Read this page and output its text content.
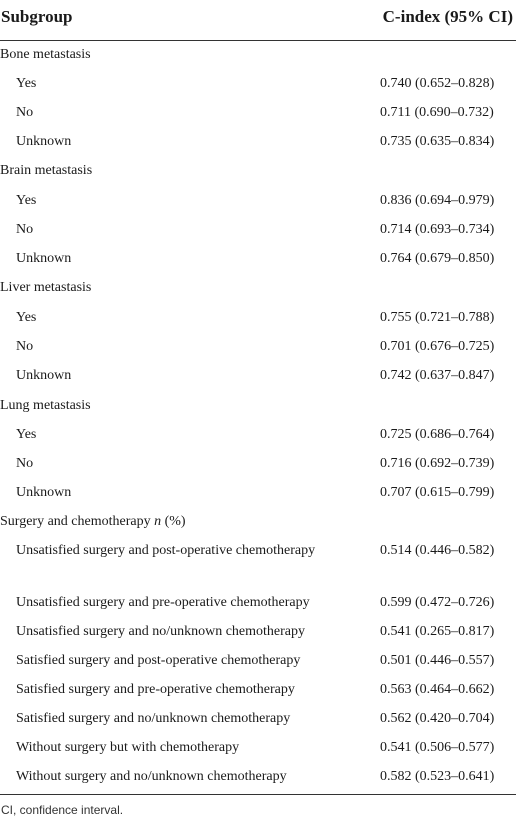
Subgroup	C-index (95% CI)
Bone metastasis
Yes	0.740 (0.652–0.828)
No	0.711 (0.690–0.732)
Unknown	0.735 (0.635–0.834)
Brain metastasis
Yes	0.836 (0.694–0.979)
No	0.714 (0.693–0.734)
Unknown	0.764 (0.679–0.850)
Liver metastasis
Yes	0.755 (0.721–0.788)
No	0.701 (0.676–0.725)
Unknown	0.742 (0.637–0.847)
Lung metastasis
Yes	0.725 (0.686–0.764)
No	0.716 (0.692–0.739)
Unknown	0.707 (0.615–0.799)
Surgery and chemotherapy n (%)
Unsatisfied surgery and post-operative chemotherapy	0.514 (0.446–0.582)
Unsatisfied surgery and pre-operative chemotherapy	0.599 (0.472–0.726)
Unsatisfied surgery and no/unknown chemotherapy	0.541 (0.265–0.817)
Satisfied surgery and post-operative chemotherapy	0.501 (0.446–0.557)
Satisfied surgery and pre-operative chemotherapy	0.563 (0.464–0.662)
Satisfied surgery and no/unknown chemotherapy	0.562 (0.420–0.704)
Without surgery but with chemotherapy	0.541 (0.506–0.577)
Without surgery and no/unknown chemotherapy	0.582 (0.523–0.641)
CI, confidence interval.
